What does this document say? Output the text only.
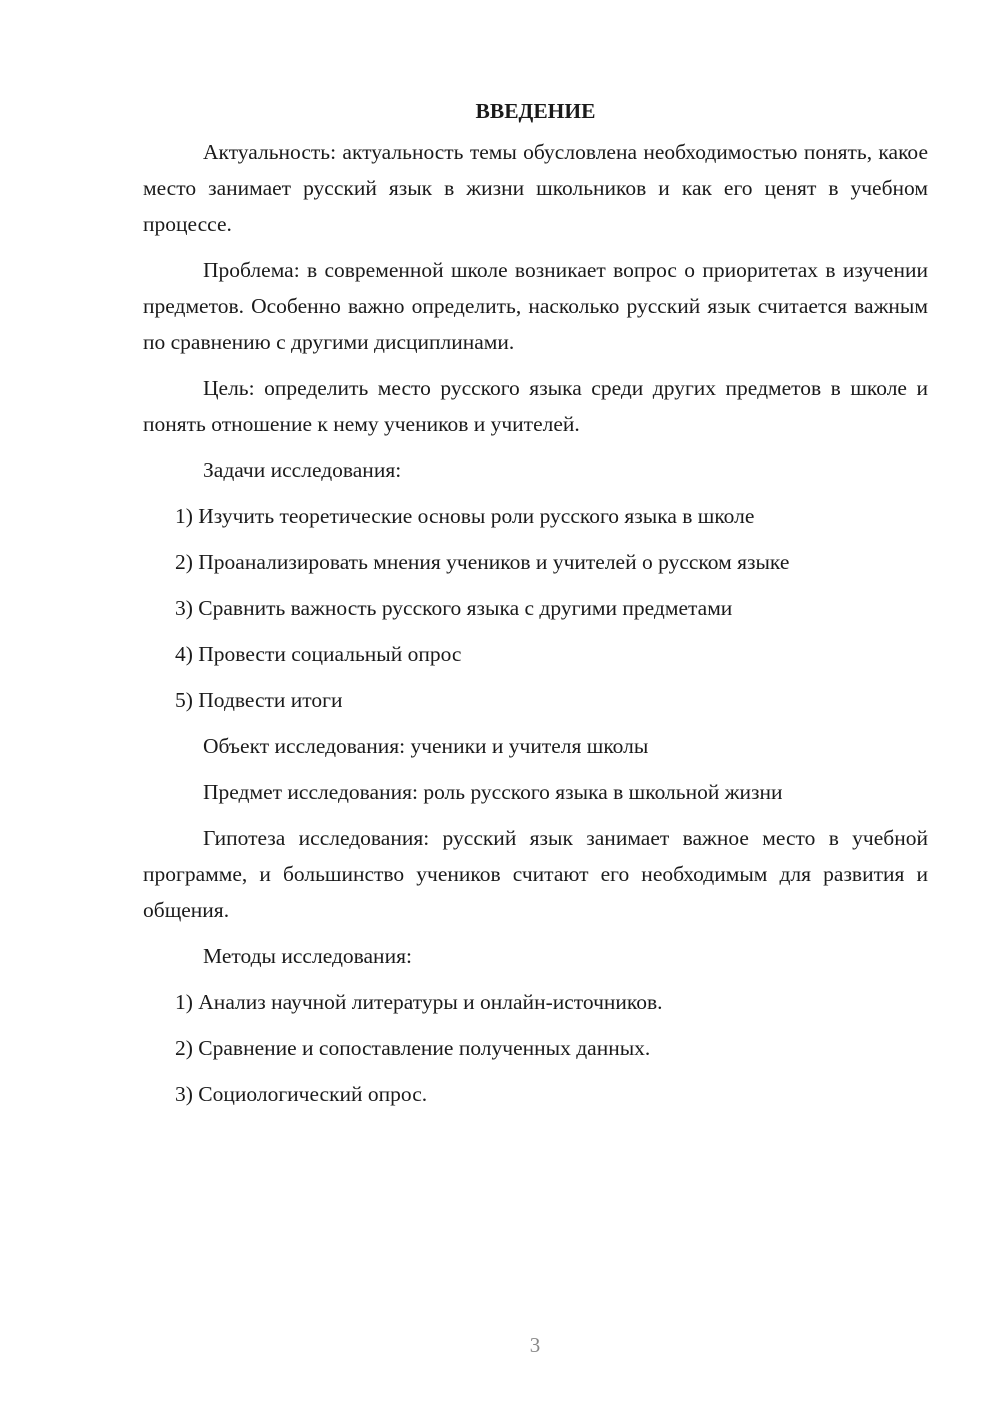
ВВЕДЕНИЕ
Актуальность: актуальность темы обусловлена необходимостью понять, какое место занимает русский язык в жизни школьников и как его ценят в учебном процессе.
Проблема: в современной школе возникает вопрос о приоритетах в изучении предметов. Особенно важно определить, насколько русский язык считается важным по сравнению с другими дисциплинами.
Цель: определить место русского языка среди других предметов в школе и понять отношение к нему учеников и учителей.
Задачи исследования:
1) Изучить теоретические основы роли русского языка в школе
2) Проанализировать мнения учеников и учителей о русском языке
3) Сравнить важность русского языка с другими предметами
4) Провести социальный опрос
5) Подвести итоги
Объект исследования: ученики и учителя школы
Предмет исследования: роль русского языка в школьной жизни
Гипотеза исследования: русский язык занимает важное место в учебной программе, и большинство учеников считают его необходимым для развития и общения.
Методы исследования:
1) Анализ научной литературы и онлайн-источников.
2) Сравнение и сопоставление полученных данных.
3) Социологический опрос.
3
